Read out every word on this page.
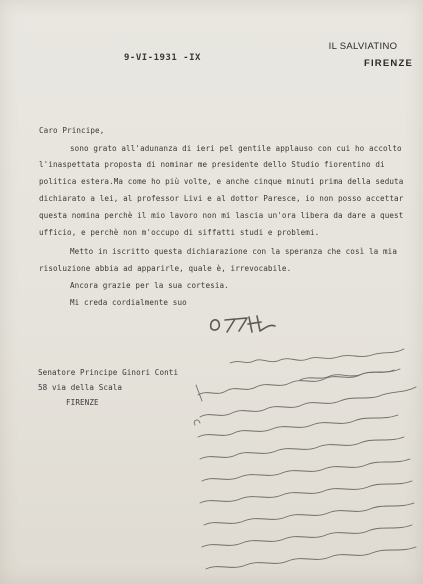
IL SALVIATINO
FIRENZE
9-VI-1931 -IX
Caro Principe,
sono grato all'adunanza di ieri pel gentile applauso con cui ho accolto
l'inaspettata proposta di nominar me presidente dello Studio fiorentino di
politica estera.Ma come ho più volte, e anche cinque minuti prima della seduta
dichiarato a lei, al professor Livi e al dottor Paresce, io non posso accettar
questa nomina perchè il mio lavoro non mi lascia un'ora libera da dare a quest
ufficio, e perchè non m'occupo di siffatti studi e problemi.
Metto in iscritto questa dichiarazione con la speranza che così la mia
risoluzione abbia ad apparirle, quale è, irrevocabile.
Ancora grazie per la sua cortesia.
Mi creda cordialmente suo
Senatore Principe Ginori Conti
58 via della Scala
FIRENZE
